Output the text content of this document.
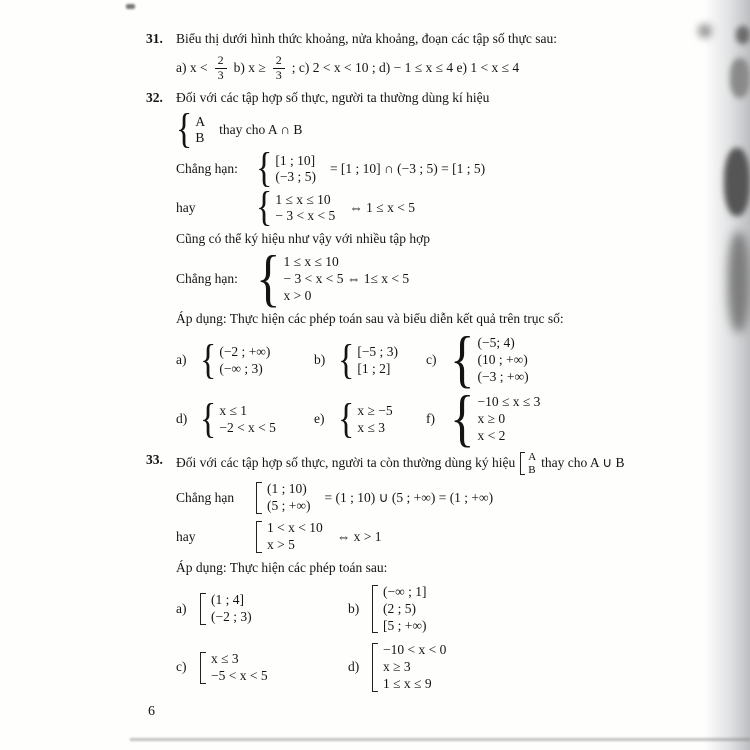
31. Biểu thị dưới hình thức khoảng, nửa khoảng, đoạn các tập số thực sau:
a) $x < \frac{2}{3} b$) $x \ge \frac{2}{3}$ ; c) 2 < x < 10 ; d) − 1 ≤ x ≤ 4 e) 1 < x ≤ 4
32. Đối với các tập hợp số thực, người ta thường dùng kí hiệu
{ A
B
thay cho A ∩ B
Chẳng hạn: { [1 ; 10]
(−3 ; 5)
= [1 ; 10] ∩ (−3 ; 5) = [1 ; 5)
hay	{ 1 ≤ x ≤ 10
− 3 < x < 5
⇔ 1 ≤ x < 5
Cũng có thể ký hiệu như vậy với nhiều tập hợp
Chẳng hạn: { 1 ≤ x ≤ 10
− 3 < x < 5 ⇔ 1≤ x < 5
x > 0
Áp dụng: Thực hiện các phép toán sau và biểu diễn kết quả trên trục số:
a) { (−2 ; +∞)
(−∞ ; 3)
b) { [−5 ; 3)
[1 ; 2]
c) { (−5; 4)
(10 ; +∞)
(−3 ; +∞)
d) { x ≤ 1
−2 < x < 5
e) { x ≥ −5
x ≤ 3
f) { −10 ≤ x ≤ 3
x ≥ 0
x < 2
33. Đối với các tập hợp số thực, người ta còn thường dùng ký hiệu A
B thay cho A ∪ B
Chẳng hạn
(1 ; 10)
(5 ; +∞)
= (1 ; 10) ∪ (5 ; +∞) = (1 ; +∞)
hay
1 < x < 10
x > 5
⇔ x > 1
Áp dụng: Thực hiện các phép toán sau:
a)
(1 ; 4]
(−2 ; 3)
b)
(−∞ ; 1]
(2 ; 5)
[5 ; +∞)
c)
x ≤ 3
−5 < x < 5
d)
−10 < x < 0
x ≥ 3
1 ≤ x ≤ 9
6
